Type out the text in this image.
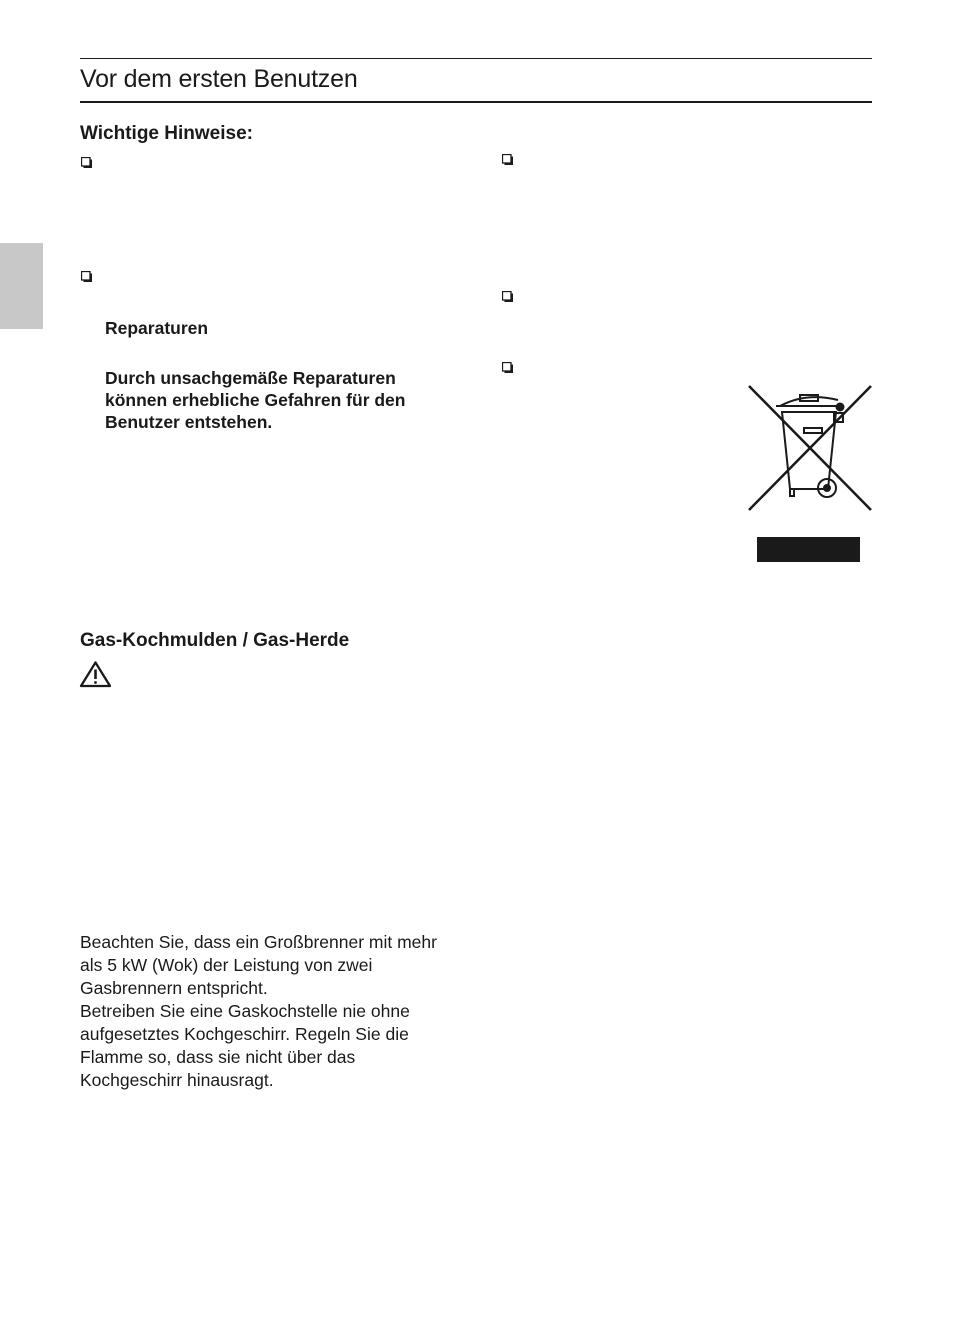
Vor dem ersten Benutzen
Wichtige Hinweise:
Reparaturen
Durch unsachgemäße Reparaturen können erhebliche Gefahren für den Benutzer entstehen.
Gas-Kochmulden / Gas-Herde
Beachten Sie, dass ein Großbrenner mit mehr als 5 kW (Wok) der Leistung von zwei Gasbrennern entspricht.
Betreiben Sie eine Gaskochstelle nie ohne aufgesetztes Kochgeschirr. Regeln Sie die Flamme so, dass sie nicht über das Kochgeschirr hinausragt.
